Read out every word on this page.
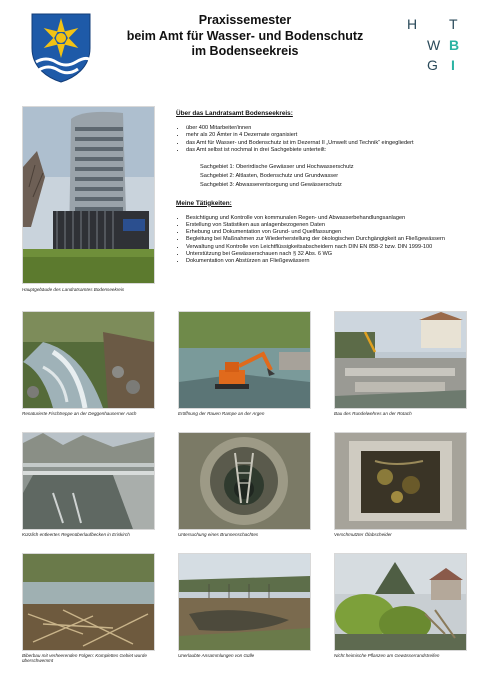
Praxissemester
beim Amt für Wasser- und Bodenschutz
im Bodenseekreis
H T
W
G
B
I
Hauptgebäude des Landratsamtes Bodenseekreis
Über das Landratsamt Bodenseekreis:
• über 400 Mitarbeiter/innen
• mehr als 20 Ämter in 4 Dezernate organisiert
• das Amt für Wasser- und Bodenschutz ist im Dezernat II „Umwelt und Technik“ eingegliedert
• das Amt selbst ist nochmal in drei Sachgebiete unterteilt:
Sachgebiet 1: Oberirdische Gewässer und Hochwasserschutz
Sachgebiet 2: Altlasten, Bodenschutz und Grundwasser
Sachgebiet 3: Abwasserentsorgung und Gewässerschutz
Meine Tätigkeiten:
• Besichtigung und Kontrolle von kommunalen Regen- und Abwasserbehandlungsanlagen
• Erstellung von Statistiken aus anlagenbezogenen Daten
• Erhebung und Dokumentation von Grund- und Quellfassungen
• Begleitung bei Maßnahmen zur Wiederherstellung der ökologischen Durchgängigkeit an Fließgewässern
• Verwaltung und Kontrolle von Leichtflüssigkeitsabscheidern nach DIN EN 858-2 bzw. DIN 1999-100
• Unterstützung bei Gewässerschauen nach § 32 Abs. 6 WG
• Dokumentation von Abstürzen an Fließgewässern
Renaturierte Fischtreppe an der Deggenhauserner Aach	Eröffnung der Rauen Rampe an der Argen	Bau des Rundelwehres an der Rotach
Kürzlich entleertes Regenüberlaufbecken in Eriskirch	Untersuchung eines Brunnenschachtes	Verschmutzter Ölabscheider
Biberbau mit verheerenden Folgen: Komplettes Gebiet wurde überschwemmt
Unerlaubte Ansammlungen von Gülle	Nicht heimische Pflanzen am Gewässerrandstreifen
